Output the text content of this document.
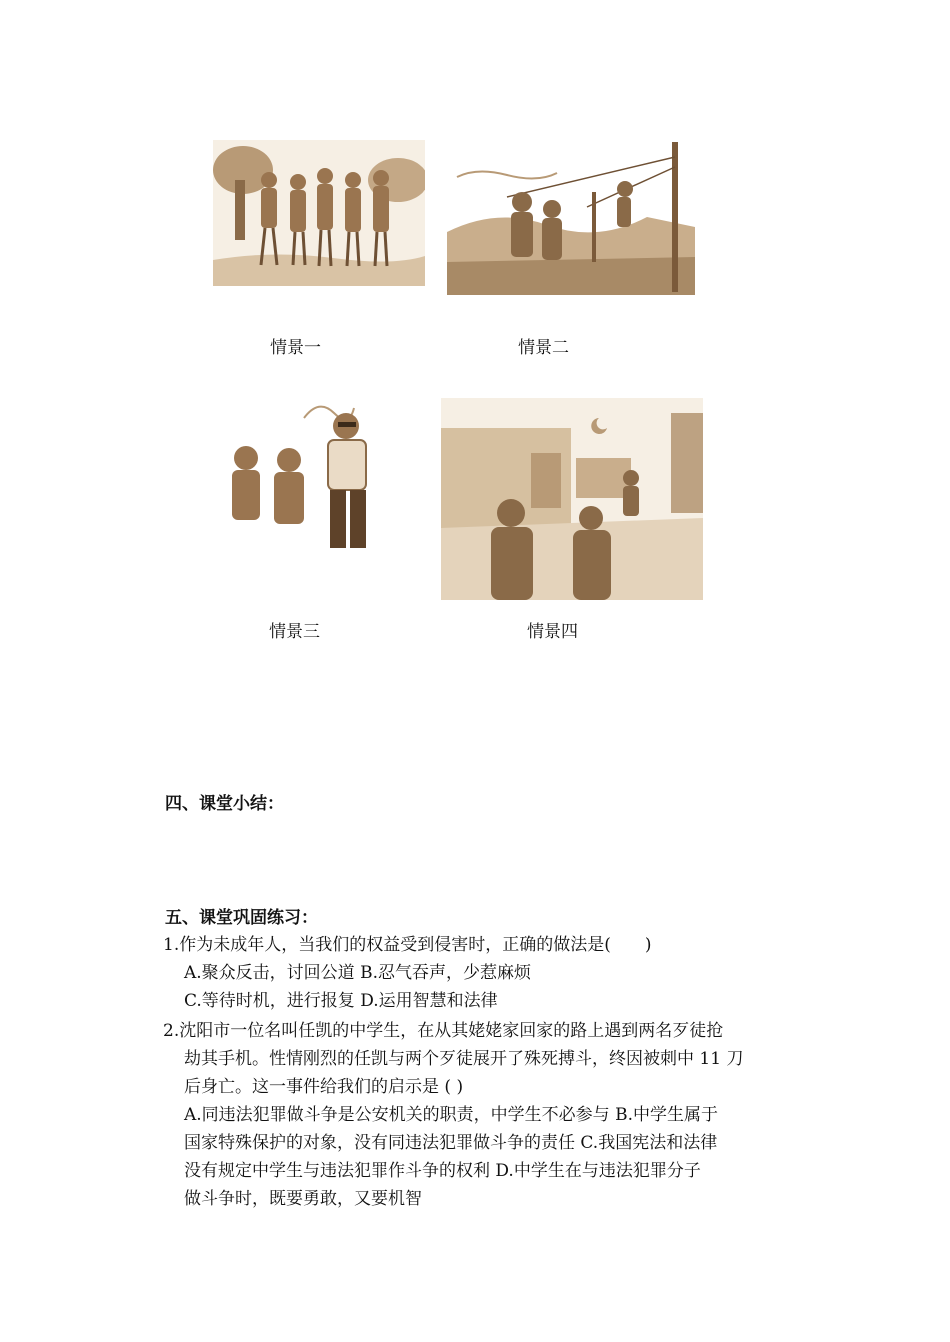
情景一	情景二
情景三	情景四
四、课堂小结：
五、课堂巩固练习：
1.作为未成年人，当我们的权益受到侵害时，正确的做法是(　　)
A.聚众反击，讨回公道 B.忍气吞声，少惹麻烦
C.等待时机，进行报复 D.运用智慧和法律
2.沈阳市一位名叫任凯的中学生，在从其姥姥家回家的路上遇到两名歹徒抢
劫其手机。性情刚烈的任凯与两个歹徒展开了殊死搏斗，终因被刺中 11 刀
后身亡。这一事件给我们的启示是 ( )
A.同违法犯罪做斗争是公安机关的职责，中学生不必参与 B.中学生属于
国家特殊保护的对象，没有同违法犯罪做斗争的责任 C.我国宪法和法律
没有规定中学生与违法犯罪作斗争的权利 D.中学生在与违法犯罪分子
做斗争时，既要勇敢，又要机智
